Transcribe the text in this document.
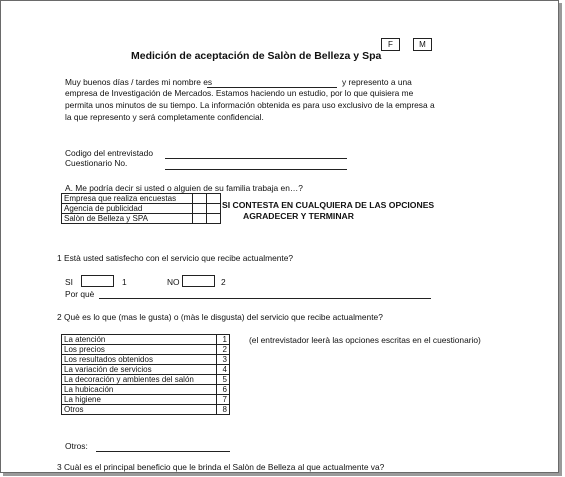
Medición de aceptación de Salòn de Belleza y Spa
F	M
Muy buenos días / tardes mi nombre es	y represento a una
empresa de Investigación de Mercados. Estamos haciendo un estudio, por lo que quisiera me
permita unos minutos de su tiempo. La información obtenida es para uso exclusivo de la empresa a
la que represento y será completamente confidencial.
Codigo del entrevistado
Cuestionario No.
A. Me podría decir si usted o alguien de su familia trabaja en…?
Empresa que realiza encuestas		
Agencia de publicidad		
Salòn de Belleza y SPA		
SI CONTESTA EN CUALQUIERA DE LAS OPCIONES
AGRADECER Y TERMINAR
1 Està usted satisfecho con el servicio que recibe actualmente?
SI	1	NO	2
Por què
2 Què es lo que (mas le gusta) o (màs le disgusta) del servicio que recibe actualmente?
La atención	1
Los precios	2
Los resultados obtenidos	3
La variación de servicios	4
La decoración y ambientes del salón	5
La hubicación	6
La higiene	7
Otros	8
(el entrevistador leerà las opciones escritas en el cuestionario)
Otros:
3 Cuàl es el principal beneficio que le brinda el Salòn de Belleza al que actualmente va?
